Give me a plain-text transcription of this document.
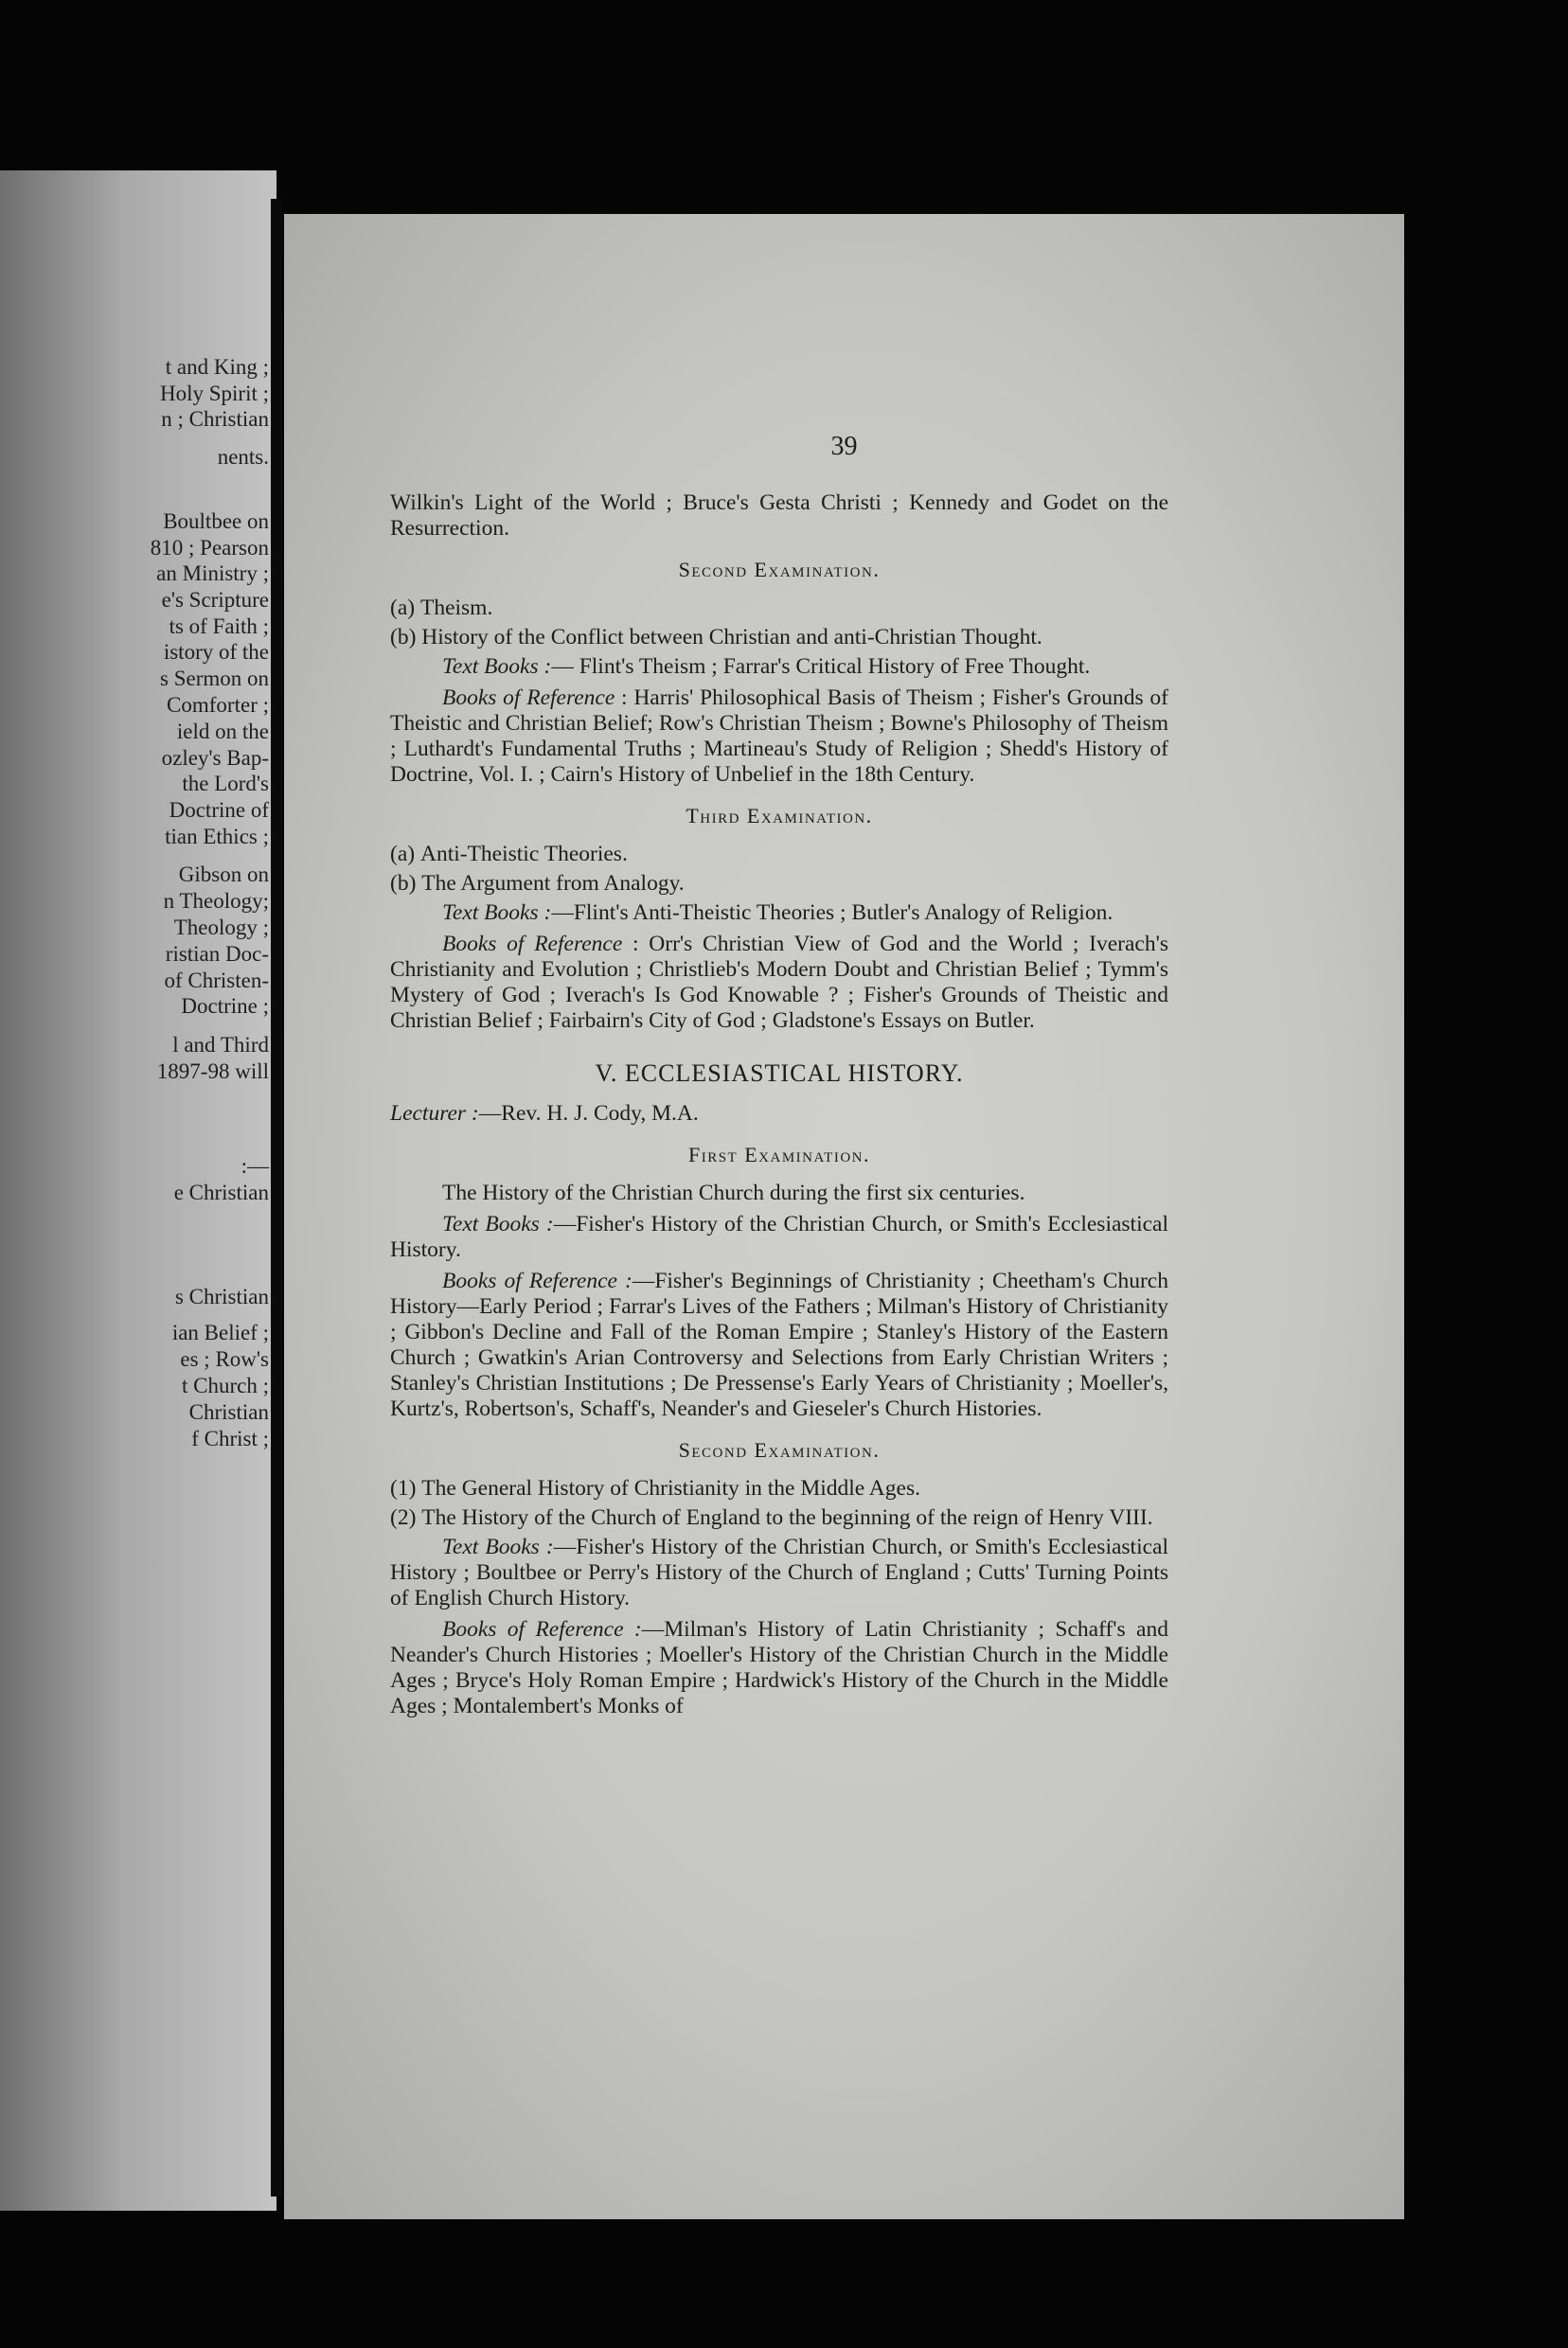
t and King ;
Holy Spirit ;
n ; Christian
nents.
Boultbee on
810 ; Pearson
an Ministry ;
e's Scripture
ts of Faith ;
istory of the
s Sermon on
Comforter ;
ield on the
ozley's Bap-
the Lord's
Doctrine of
tian Ethics ;
Gibson on
n Theology;
Theology ;
ristian Doc-
of Christen-
Doctrine ;
l and Third
1897-98 will
:—
e Christian
s Christian
ian Belief ;
es ; Row's
t Church ;
Christian
f Christ ;
39

Wilkin's Light of the World ; Bruce's Gesta Christi ; Kennedy and Godet on the Resurrection.

Second Examination.

(a) Theism.

(b) History of the Conflict between Christian and anti-Christian Thought.

Text Books :— Flint's Theism ; Farrar's Critical History of Free Thought.

Books of Reference : Harris' Philosophical Basis of Theism ; Fisher's Grounds of Theistic and Christian Belief; Row's Christian Theism ; Bowne's Philosophy of Theism ; Luthardt's Fundamental Truths ; Martineau's Study of Religion ; Shedd's History of Doctrine, Vol. I. ; Cairn's History of Unbelief in the 18th Century.

Third Examination.

(a) Anti-Theistic Theories.

(b) The Argument from Analogy.

Text Books :—Flint's Anti-Theistic Theories ; Butler's Analogy of Religion.

Books of Reference : Orr's Christian View of God and the World ; Iverach's Christianity and Evolution ; Christlieb's Modern Doubt and Christian Belief ; Tymm's Mystery of God ; Iverach's Is God Knowable ? ; Fisher's Grounds of Theistic and Christian Belief ; Fairbairn's City of God ; Gladstone's Essays on Butler.

V. ECCLESIASTICAL HISTORY.

Lecturer :—Rev. H. J. Cody, M.A.

First Examination.

The History of the Christian Church during the first six centuries.

Text Books :—Fisher's History of the Christian Church, or Smith's Ecclesiastical History.

Books of Reference :—Fisher's Beginnings of Christianity ; Cheetham's Church History—Early Period ; Farrar's Lives of the Fathers ; Milman's History of Christianity ; Gibbon's Decline and Fall of the Roman Empire ; Stanley's History of the Eastern Church ; Gwatkin's Arian Controversy and Selections from Early Christian Writers ; Stanley's Christian Institutions ; De Pressense's Early Years of Christianity ; Moeller's, Kurtz's, Robertson's, Schaff's, Neander's and Gieseler's Church Histories.

Second Examination.

(1) The General History of Christianity in the Middle Ages.

(2) The History of the Church of England to the beginning of the reign of Henry VIII.

Text Books :—Fisher's History of the Christian Church, or Smith's Ecclesiastical History ; Boultbee or Perry's History of the Church of England ; Cutts' Turning Points of English Church History.

Books of Reference :—Milman's History of Latin Christianity ; Schaff's and Neander's Church Histories ; Moeller's History of the Christian Church in the Middle Ages ; Bryce's Holy Roman Empire ; Hardwick's History of the Church in the Middle Ages ; Montalembert's Monks of
